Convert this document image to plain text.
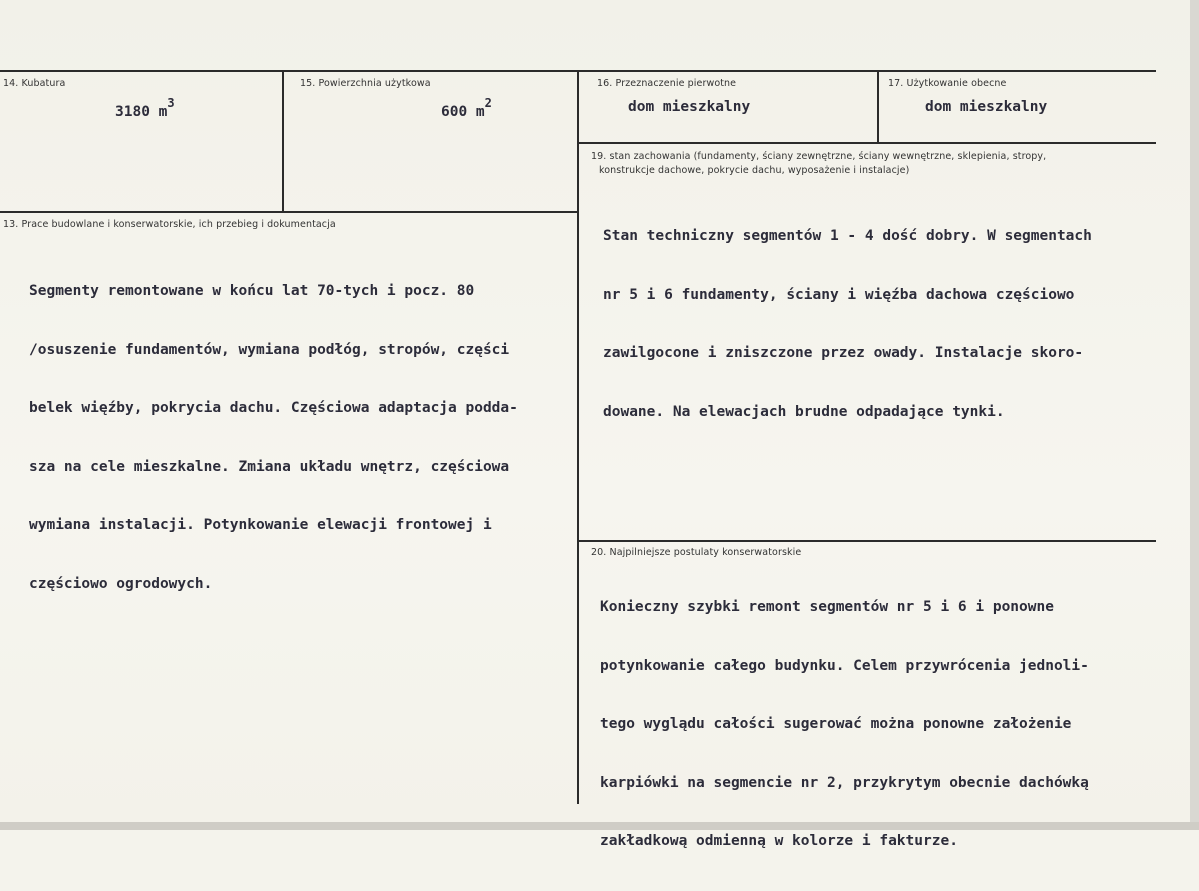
14. Kubatura
3180 $m^3$
15. Powierzchnia użytkowa
600 $m^2$
16. Przeznaczenie pierwotne
dom mieszkalny
17. Użytkowanie obecne
dom mieszkalny
13. Prace budowlane i konserwatorskie, ich przebieg i dokumentacja

Segmenty remontowane w końcu lat 70-tych i pocz. 80

/osuszenie fundamentów, wymiana podłóg, stropów, części

belek więźby, pokrycia dachu. Częściowa adaptacja podda-

sza na cele mieszkalne. Zmiana układu wnętrz, częściowa

wymiana instalacji. Potynkowanie elewacji frontowej i

częściowo ogrodowych.

19. stan zachowania (fundamenty, ściany zewnętrzne, ściany wewnętrzne, sklepienia, stropy,
konstrukcje dachowe, pokrycie dachu, wyposażenie i instalacje)

Stan techniczny segmentów 1 - 4 dość dobry. W segmentach

nr 5 i 6 fundamenty, ściany i więźba dachowa częściowo

zawilgocone i zniszczone przez owady. Instalacje skoro-

dowane. Na elewacjach brudne odpadające tynki.

20. Najpilniejsze postulaty konserwatorskie

Konieczny szybki remont segmentów nr 5 i 6 i ponowne

potynkowanie całego budynku. Celem przywrócenia jednoli-

tego wyglądu całości sugerować można ponowne założenie

karpiówki na segmencie nr 2, przykrytym obecnie dachówką

zakładkową odmienną w kolorze i fakturze.
